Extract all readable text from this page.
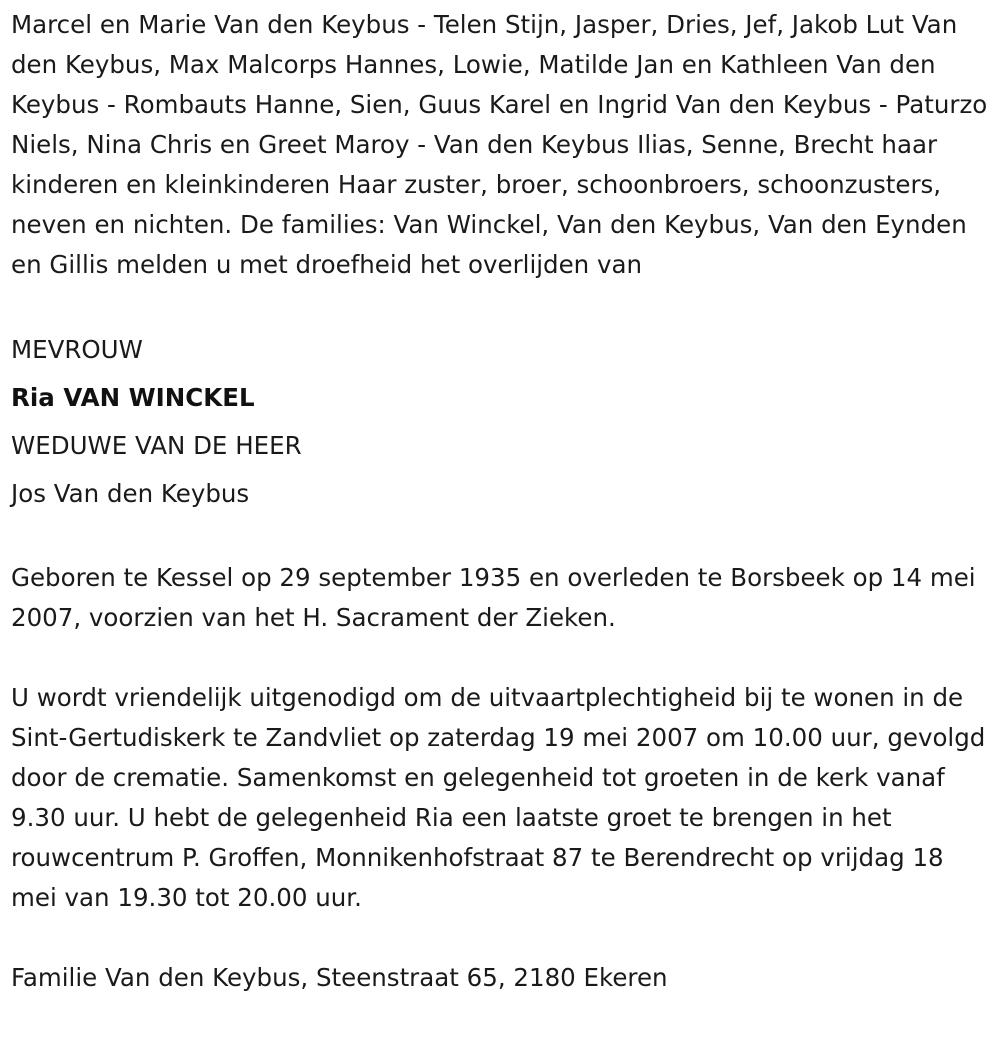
Marcel en Marie Van den Keybus - Telen Stijn, Jasper, Dries, Jef, Jakob Lut Van den Keybus, Max Malcorps Hannes, Lowie, Matilde Jan en Kathleen Van den Keybus - Rombauts Hanne, Sien, Guus Karel en Ingrid Van den Keybus - Paturzo Niels, Nina Chris en Greet Maroy - Van den Keybus Ilias, Senne, Brecht haar kinderen en kleinkinderen Haar zuster, broer, schoonbroers, schoonzusters, neven en nichten. De families: Van Winckel, Van den Keybus, Van den Eynden en Gillis melden u met droefheid het overlijden van

MEVROUW

Ria VAN WINCKEL

WEDUWE VAN DE HEER

Jos Van den Keybus

Geboren te Kessel op 29 september 1935 en overleden te Borsbeek op 14 mei 2007, voorzien van het H. Sacrament der Zieken.

U wordt vriendelijk uitgenodigd om de uitvaartplechtigheid bij te wonen in de Sint-Gertudiskerk te Zandvliet op zaterdag 19 mei 2007 om 10.00 uur, gevolgd door de crematie. Samenkomst en gelegenheid tot groeten in de kerk vanaf 9.30 uur. U hebt de gelegenheid Ria een laatste groet te brengen in het rouwcentrum P. Groffen, Monnikenhofstraat 87 te Berendrecht op vrijdag 18 mei van 19.30 tot 20.00 uur.

Familie Van den Keybus, Steenstraat 65, 2180 Ekeren
